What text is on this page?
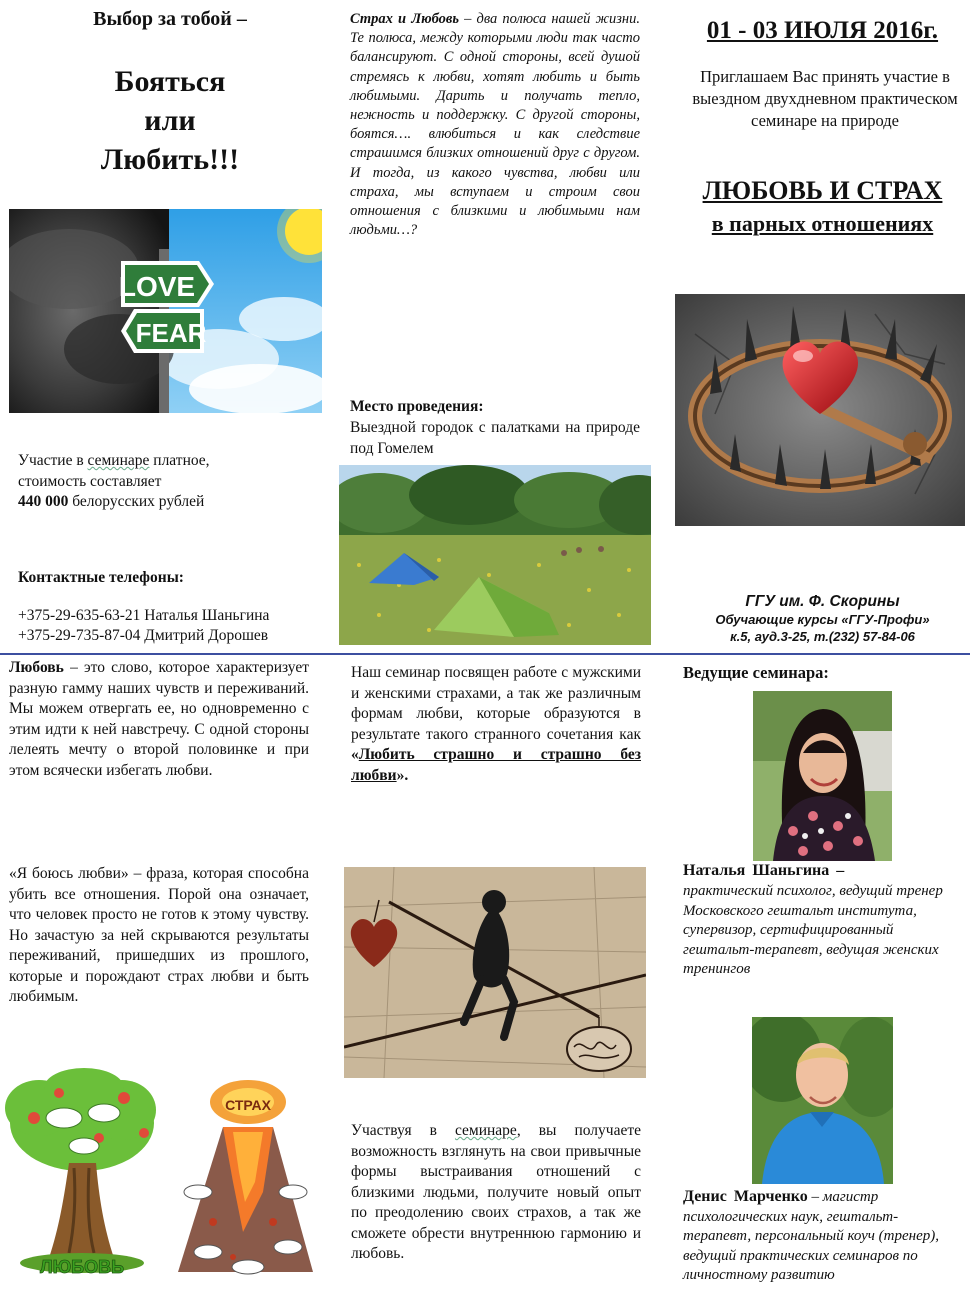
Выбор за тобой –
Бояться
или
Любить!!!
LOVE
FEAR
Участие в семинаре платное, стоимость составляет
440 000 белорусских рублей
Контактные телефоны:
+375-29-635-63-21 Наталья Шаньгина
+375-29-735-87-04 Дмитрий Дорошев
Страх и Любовь – два полюса нашей жизни. Те полюса, между которыми люди так часто балансируют. С одной стороны, всей душой стремясь к любви, хотят любить и быть любимыми. Дарить и получать тепло, нежность и поддержку. С другой стороны, боятся…. влюбиться и как следствие страшимся близких отношений друг с другом. И тогда, из какого чувства, любви или страха, мы вступаем и строим свои отношения с близкими и любимыми нам людьми…?
Место проведения:
Выездной городок с палатками на природе под Гомелем
01 - 03 ИЮЛЯ 2016г.
Приглашаем Вас принять участие в выездном двухдневном практическом семинаре на природе
ЛЮБОВЬ И СТРАХ
в парных отношениях
ГГУ им. Ф. Скорины
Обучающие курсы «ГГУ-Профи»
к.5, ауд.3-25, т.(232) 57-84-06
Любовь – это слово, которое характеризует разную гамму наших чувств и переживаний. Мы можем отвергать ее, но одновременно с этим идти к ней навстречу. С одной стороны лелеять мечту о второй половинке и при этом всячески избегать любви.
«Я боюсь любви» – фраза, которая способна убить все отношения. Порой она означает, что человек просто не готов к этому чувству. Но зачастую за ней скрываются результаты переживаний, пришедших из прошлого, которые и порождают страх любви и быть любимым.
ЛЮБОВЬ
СТРАХ
Наш семинар посвящен работе с мужскими и женскими страхами, а так же различным формам любви, которые образуются в результате такого странного сочетания как «Любить страшно и страшно без любви».
Участвуя в семинаре, вы получаете возможность взглянуть на свои привычные формы выстраивания отношений с близкими людьми, получите новый опыт по преодолению своих страхов, а так же сможете обрести внутреннюю гармонию и любовь.
Ведущие семинара:
Наталья Шаньгина –
практический психолог, ведущий тренер Московского гештальт института, супервизор, сертифицированный гештальт-терапевт, ведущая женских тренингов
Денис Марченко – магистр
психологических наук, гештальт-терапевт, персональный коуч (тренер), ведущий практических семинаров по личностному развитию
